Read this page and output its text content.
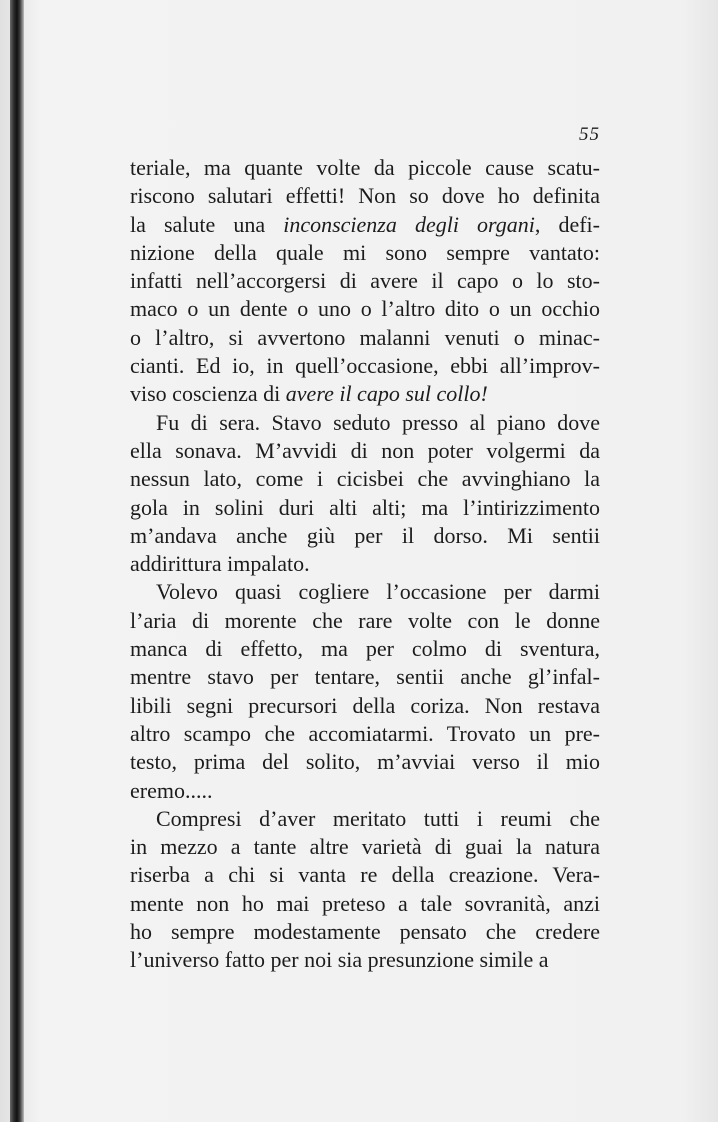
55
teriale, ma quante volte da piccole cause scatu-
riscono salutari effetti! Non so dove ho definita
la salute una inconscienza degli organi, defi-
nizione della quale mi sono sempre vantato:
infatti nell’accorgersi di avere il capo o lo sto-
maco o un dente o uno o l’altro dito o un occhio
o l’altro, si avvertono malanni venuti o minac-
cianti. Ed io, in quell’occasione, ebbi all’improv-
viso coscienza di avere il capo sul collo!
Fu di sera. Stavo seduto presso al piano dove
ella sonava. M’avvidi di non poter volgermi da
nessun lato, come i cicisbei che avvinghiano la
gola in solini duri alti alti; ma l’intirizzimento
m’andava anche giù per il dorso. Mi sentii
addirittura impalato.
Volevo quasi cogliere l’occasione per darmi
l’aria di morente che rare volte con le donne
manca di effetto, ma per colmo di sventura,
mentre stavo per tentare, sentii anche gl’infal-
libili segni precursori della coriza. Non restava
altro scampo che accomiatarmi. Trovato un pre-
testo, prima del solito, m’avviai verso il mio
eremo.....
Compresi d’aver meritato tutti i reumi che
in mezzo a tante altre varietà di guai la natura
riserba a chi si vanta re della creazione. Vera-
mente non ho mai preteso a tale sovranità, anzi
ho sempre modestamente pensato che credere
l’universo fatto per noi sia presunzione simile a
